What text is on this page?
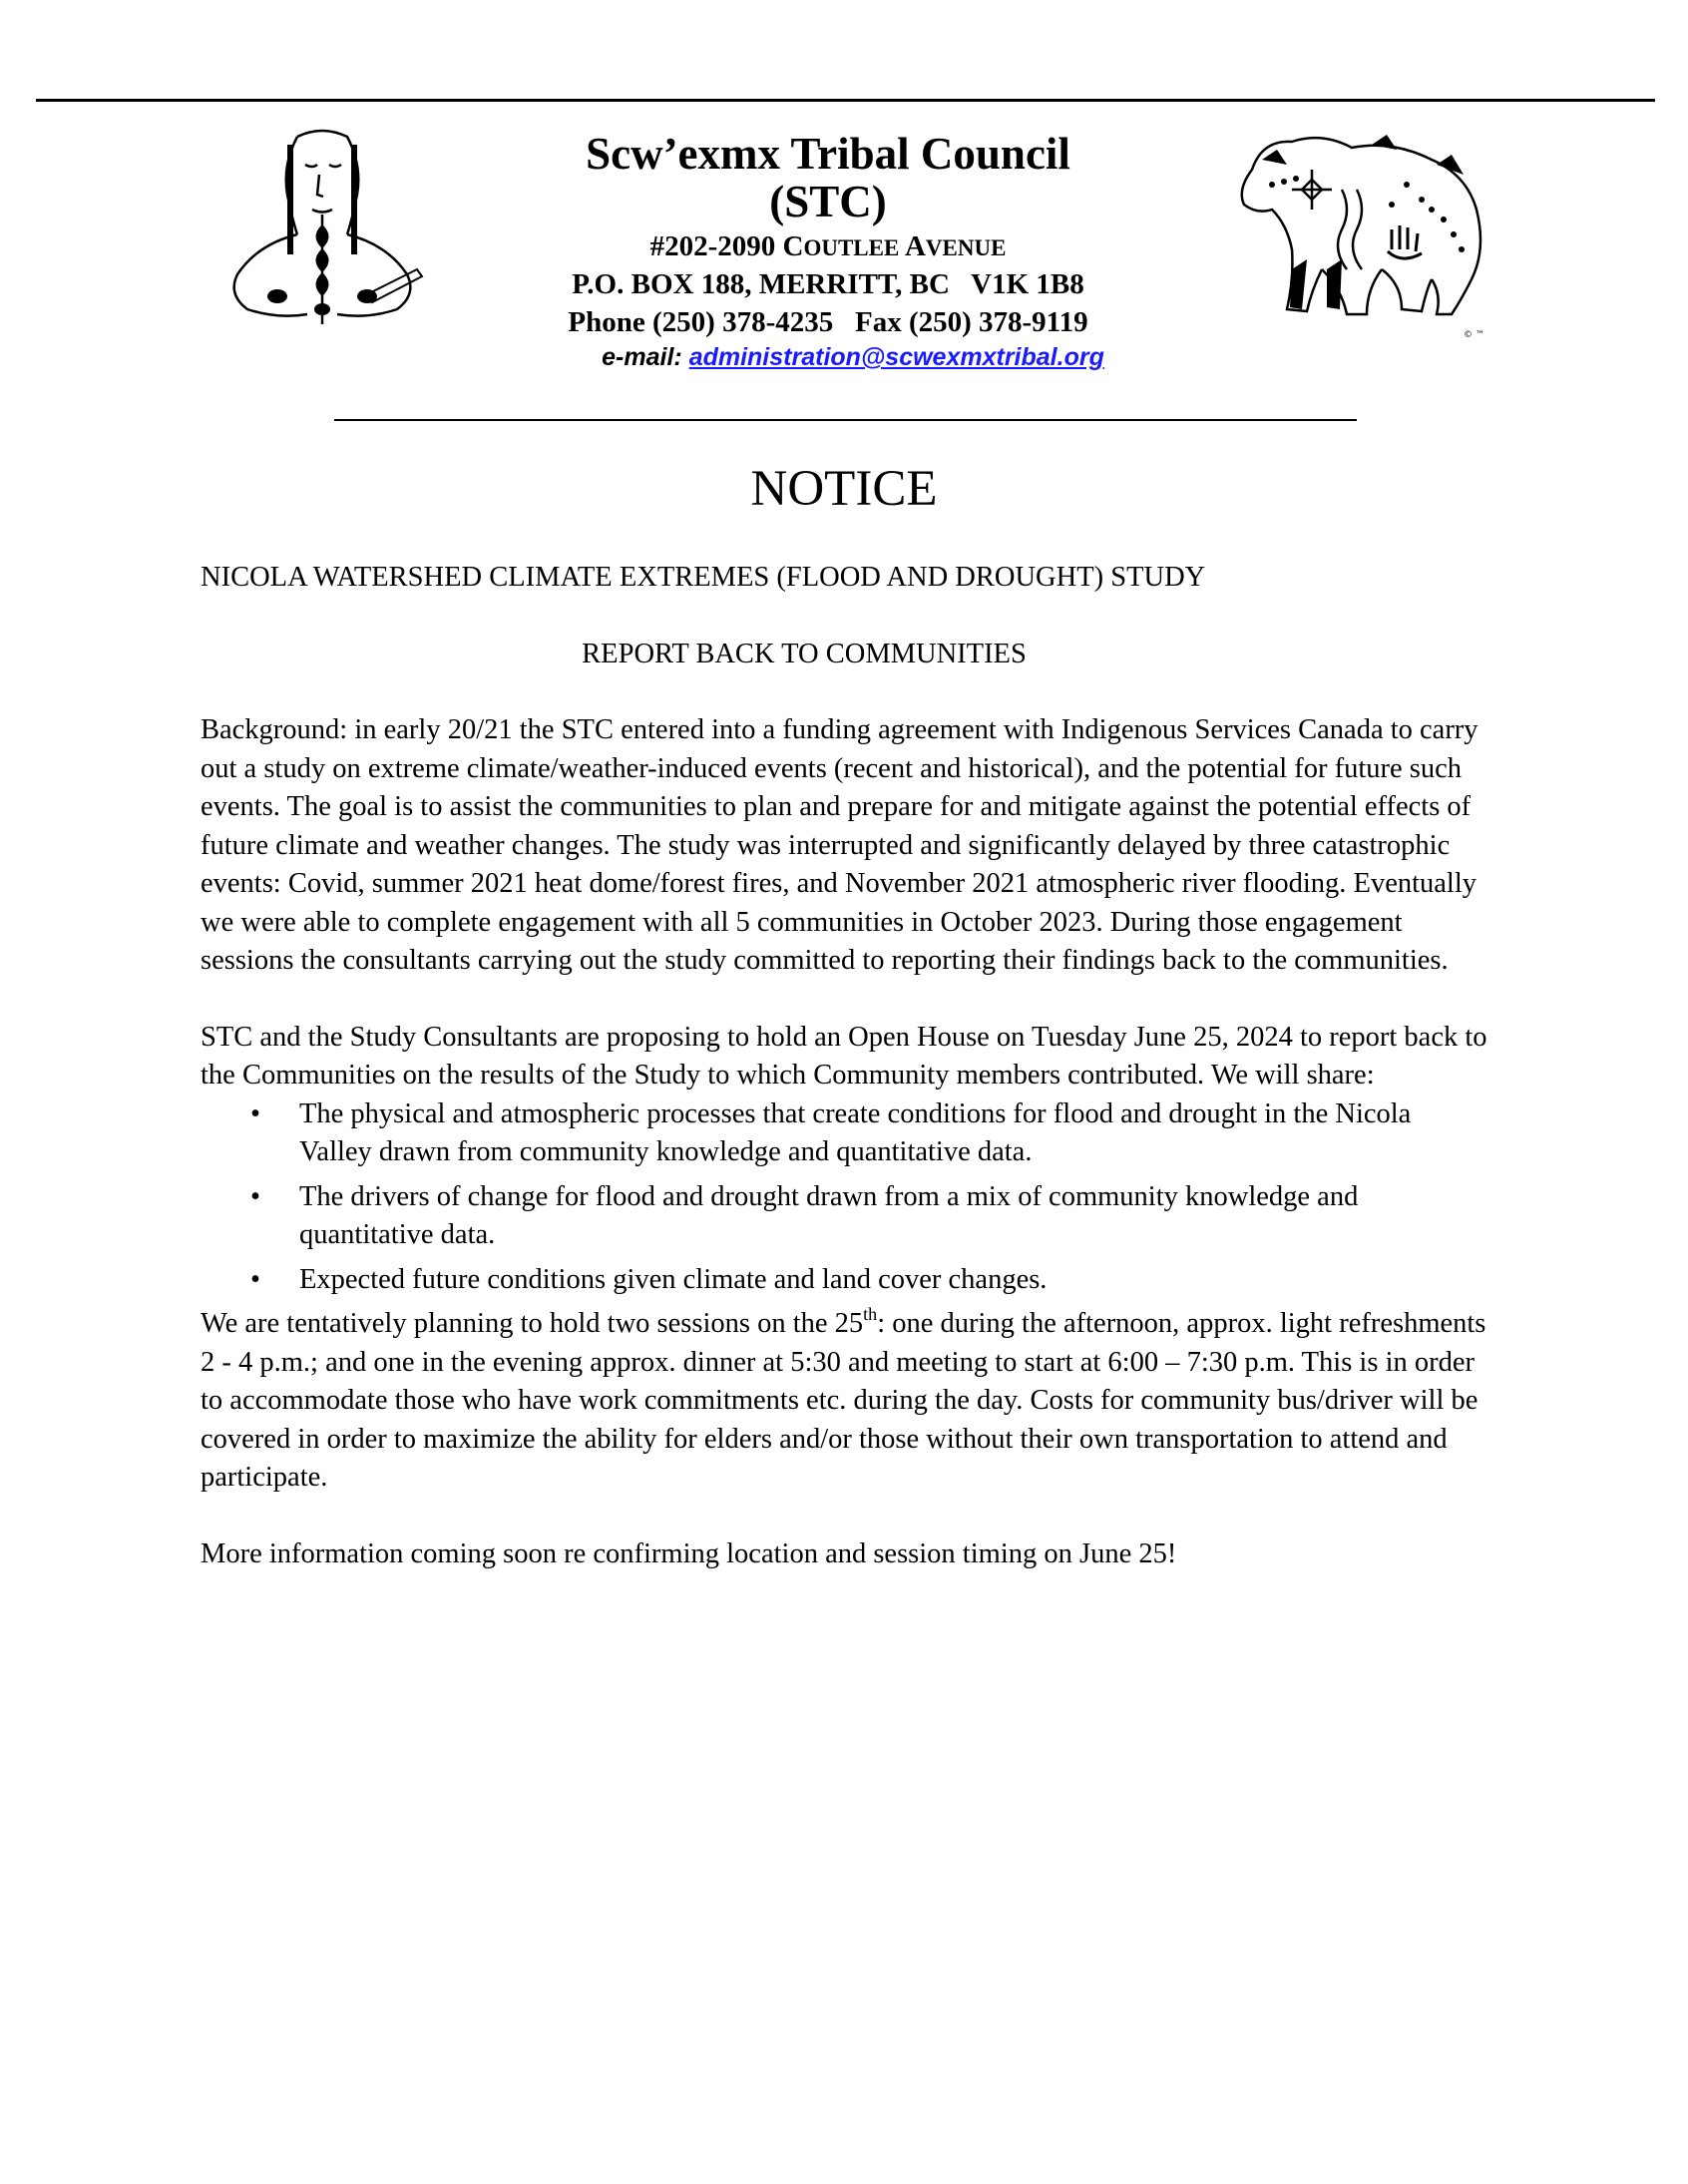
© ™
Scw’exmx Tribal Council
(STC)
#202-2090 COUTLEE AVENUE
P.O. BOX 188, MERRITT, BC   V1K 1B8
Phone (250) 378-4235   Fax (250) 378-9119
e-mail: administration@scwexmxtribal.org
NOTICE

NICOLA WATERSHED CLIMATE EXTREMES (FLOOD AND DROUGHT) STUDY

REPORT BACK TO COMMUNITIES

Background: in early 20/21 the STC entered into a funding agreement with Indigenous Services Canada to carry out a study on extreme climate/weather-induced events (recent and historical), and the potential for future such events. The goal is to assist the communities to plan and prepare for and mitigate against the potential effects of future climate and weather changes. The study was interrupted and significantly delayed by three catastrophic events: Covid, summer 2021 heat dome/forest fires, and November 2021 atmospheric river flooding. Eventually we were able to complete engagement with all 5 communities in October 2023. During those engagement sessions the consultants carrying out the study committed to reporting their findings back to the communities.

STC and the Study Consultants are proposing to hold an Open House on Tuesday June 25, 2024 to report back to the Communities on the results of the Study to which Community members contributed. We will share:

• The physical and atmospheric processes that create conditions for flood and drought in the Nicola Valley drawn from community knowledge and quantitative data.
• The drivers of change for flood and drought drawn from a mix of community knowledge and quantitative data.
• Expected future conditions given climate and land cover changes.

We are tentatively planning to hold two sessions on the 25th: one during the afternoon, approx. light refreshments 2 - 4 p.m.; and one in the evening approx. dinner at 5:30 and meeting to start at 6:00 – 7:30 p.m. This is in order to accommodate those who have work commitments etc. during the day. Costs for community bus/driver will be covered in order to maximize the ability for elders and/or those without their own transportation to attend and participate.

More information coming soon re confirming location and session timing on June 25!
